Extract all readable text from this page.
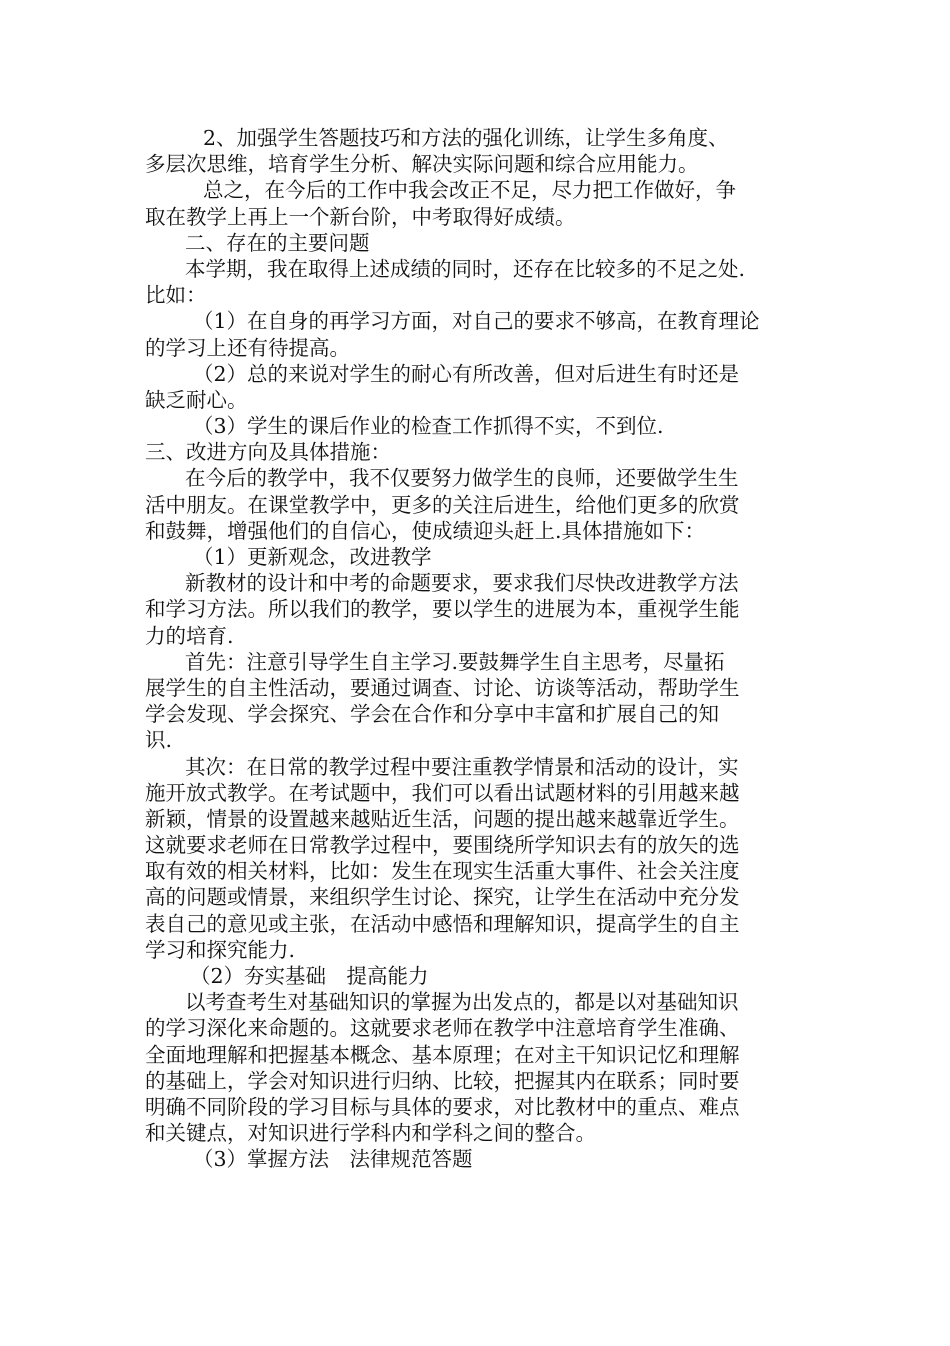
2、加强学生答题技巧和方法的强化训练，让学生多角度、
多层次思维，培育学生分析、解决实际问题和综合应用能力。
总之，在今后的工作中我会改正不足，尽力把工作做好，争
取在教学上再上一个新台阶，中考取得好成绩。
二、存在的主要问题
本学期，我在取得上述成绩的同时，还存在比较多的不足之处.
比如：
（1）在自身的再学习方面，对自己的要求不够高，在教育理论
的学习上还有待提高。
（2）总的来说对学生的耐心有所改善，但对后进生有时还是
缺乏耐心。
（3）学生的课后作业的检查工作抓得不实，不到位.
三、改进方向及具体措施：
在今后的教学中，我不仅要努力做学生的良师，还要做学生生
活中朋友。在课堂教学中，更多的关注后进生，给他们更多的欣赏
和鼓舞，增强他们的自信心，使成绩迎头赶上.具体措施如下：
（1）更新观念，改进教学
新教材的设计和中考的命题要求，要求我们尽快改进教学方法
和学习方法。所以我们的教学，要以学生的进展为本，重视学生能
力的培育.
首先：注意引导学生自主学习.要鼓舞学生自主思考，尽量拓
展学生的自主性活动，要通过调查、讨论、访谈等活动，帮助学生
学会发现、学会探究、学会在合作和分享中丰富和扩展自己的知
识.
其次：在日常的教学过程中要注重教学情景和活动的设计，实
施开放式教学。在考试题中，我们可以看出试题材料的引用越来越
新颖，情景的设置越来越贴近生活，问题的提出越来越靠近学生。
这就要求老师在日常教学过程中，要围绕所学知识去有的放矢的选
取有效的相关材料，比如：发生在现实生活重大事件、社会关注度
高的问题或情景，来组织学生讨论、探究，让学生在活动中充分发
表自己的意见或主张，在活动中感悟和理解知识，提高学生的自主
学习和探究能力.
（2）夯实基础　提高能力
以考查考生对基础知识的掌握为出发点的，都是以对基础知识
的学习深化来命题的。这就要求老师在教学中注意培育学生准确、
全面地理解和把握基本概念、基本原理；在对主干知识记忆和理解
的基础上，学会对知识进行归纳、比较，把握其内在联系；同时要
明确不同阶段的学习目标与具体的要求，对比教材中的重点、难点
和关键点，对知识进行学科内和学科之间的整合。
（3）掌握方法　法律规范答题
